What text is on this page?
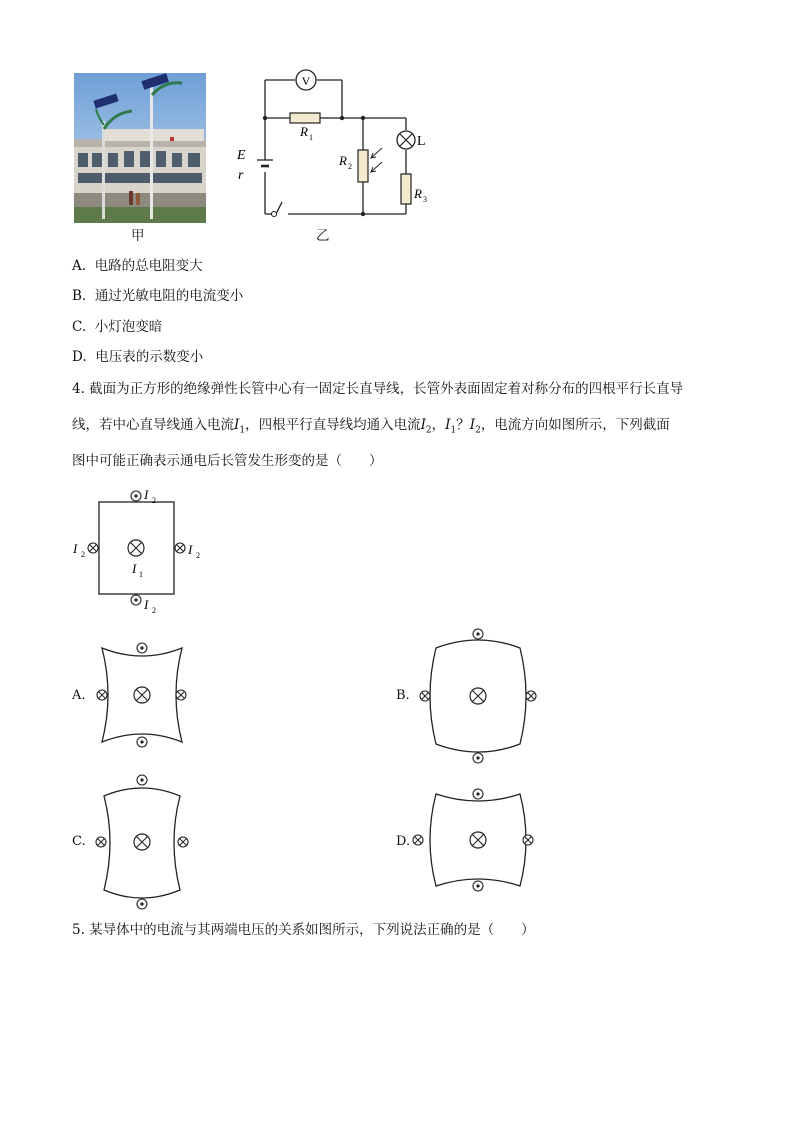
甲
V
E
r
R 1
R 2
R 3
L
乙
A. 电路的总电阻变大
B. 通过光敏电阻的电流变小
C. 小灯泡变暗
D. 电压表的示数变小
4. 截面为正方形的绝缘弹性长管中心有一固定长直导线，长管外表面固定着对称分布的四根平行长直导
线，若中心直导线通入电流$I_1$，四根平行直导线均通入电流$I_2$，$I_1$？$I_2$，电流方向如图所示，下列截面
图中可能正确表示通电后长管发生形变的是（　　）
I 2
I 2
I 2	I 2
I 1
A.	B.
C.	D.
5. 某导体中的电流与其两端电压的关系如图所示，下列说法正确的是（　　）
